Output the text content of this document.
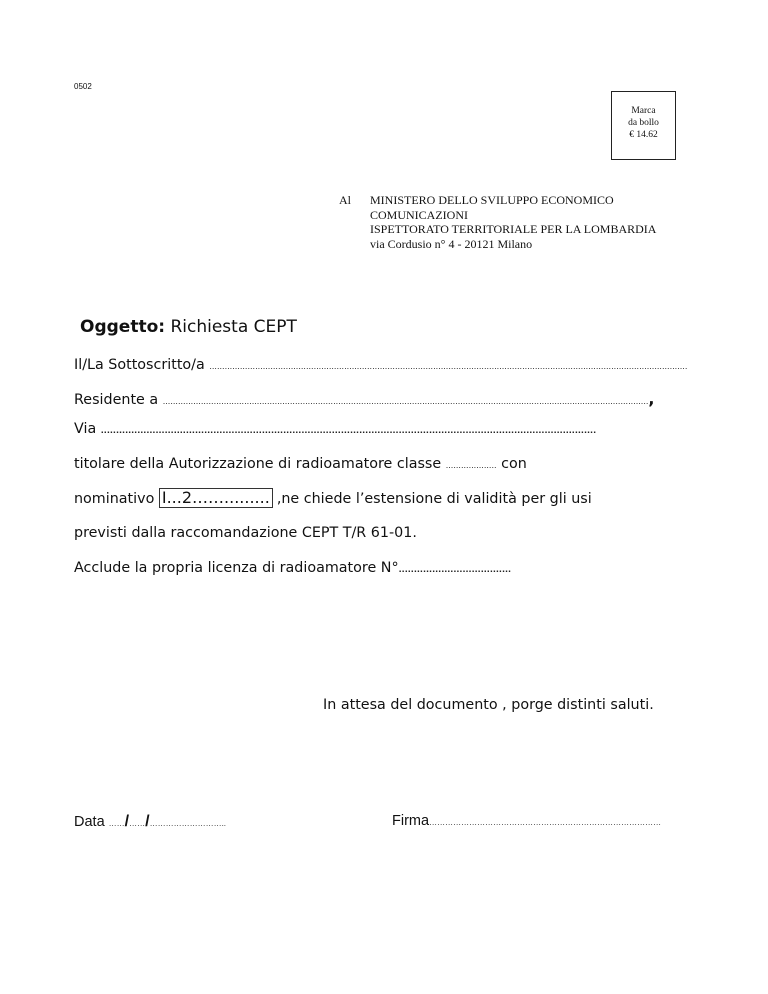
0502
Marca
da bollo
€ 14.62
Al MINISTERO DELLO SVILUPPO ECONOMICO
COMUNICAZIONI
ISPETTORATO TERRITORIALE PER LA LOMBARDIA
via Cordusio n° 4 - 20121 Milano
Oggetto: Richiesta CEPT
Il/La Sottoscritto/a ............................................................................................................................................................................................
Residente a ...............................................................................................................................................................................................,
Via ...................................................................................................................................................................
titolare della Autorizzazione di radioamatore classe .................... con
nominativo I...2……......... ,ne chiede l’estensione di validità per gli usi
previsti dalla raccomandazione CEPT T/R 61-01.
Acclude la propria licenza di radioamatore N°.....................................
In attesa del documento , porge distinti saluti.
Data ……/……/………………………..	Firma……………………………………………………………………………
